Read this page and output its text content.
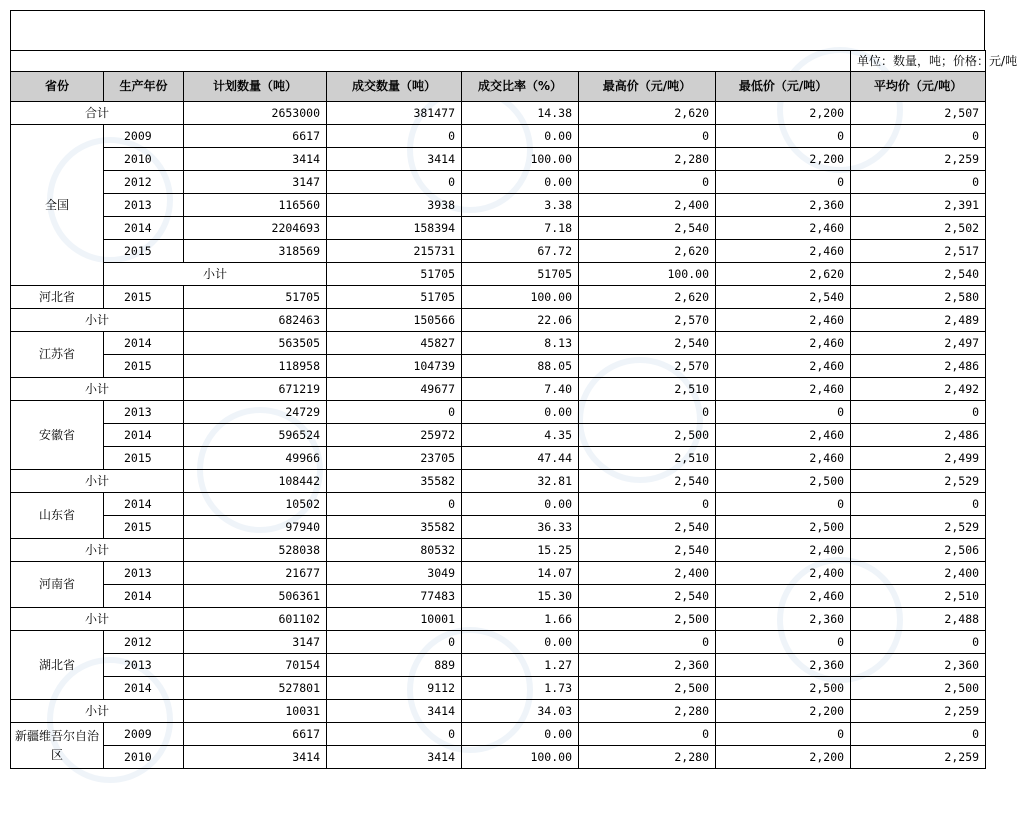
							单位：数量，吨；价格：元/吨	
省份	生产年份	计划数量（吨）	成交数量（吨）	成交比率（%）	最高价（元/吨）	最低价（元/吨）	平均价（元/吨）	
合计		2653000	381477	14.38	2,620	2,200	2,507	
全国	2009	6617	0	0.00	0	0	0	
	2010	3414	3414	100.00	2,280	2,200	2,259	
	2012	3147	0	0.00	0	0	0	
	2013	116560	3938	3.38	2,400	2,360	2,391	
	2014	2204693	158394	7.18	2,540	2,460	2,502	
	2015	318569	215731	67.72	2,620	2,460	2,517	
	小计		51705	51705	100.00	2,620	2,540	
河北省	2015	51705	51705	100.00	2,620	2,540	2,580	
小计		682463	150566	22.06	2,570	2,460	2,489	
江苏省	2014	563505	45827	8.13	2,540	2,460	2,497	
	2015	118958	104739	88.05	2,570	2,460	2,486	
小计		671219	49677	7.40	2,510	2,460	2,492	
安徽省	2013	24729	0	0.00	0	0	0	
	2014	596524	25972	4.35	2,500	2,460	2,486	
	2015	49966	23705	47.44	2,510	2,460	2,499	
小计		108442	35582	32.81	2,540	2,500	2,529	
山东省	2014	10502	0	0.00	0	0	0	
	2015	97940	35582	36.33	2,540	2,500	2,529	
小计		528038	80532	15.25	2,540	2,400	2,506	
河南省	2013	21677	3049	14.07	2,400	2,400	2,400	
	2014	506361	77483	15.30	2,540	2,460	2,510	
小计		601102	10001	1.66	2,500	2,360	2,488	
湖北省	2012	3147	0	0.00	0	0	0	
	2013	70154	889	1.27	2,360	2,360	2,360	
	2014	527801	9112	1.73	2,500	2,500	2,500	
小计		10031	3414	34.03	2,280	2,200	2,259	
新疆维吾尔自治区	2009	6617	0	0.00	0	0	0	
	2010	3414	3414	100.00	2,280	2,200	2,259	
